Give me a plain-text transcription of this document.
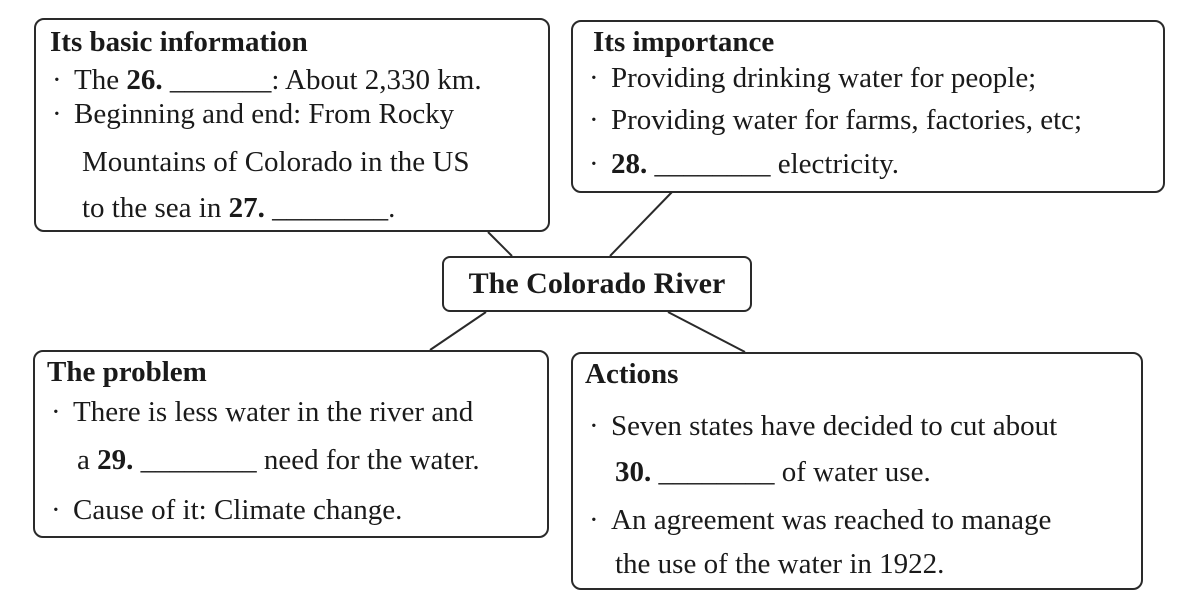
Its basic information
· The 26. _______: About 2,330 km.
· Beginning and end: From Rocky
Mountains of Colorado in the US
to the sea in 27. ________.
Its importance
· Providing drinking water for people;
· Providing water for farms, factories, etc;
· 28. ________ electricity.
The Colorado River
The problem
· There is less water in the river and
a 29. ________ need for the water.
· Cause of it: Climate change.
Actions
· Seven states have decided to cut about
30. ________ of water use.
· An agreement was reached to manage
the use of the water in 1922.
